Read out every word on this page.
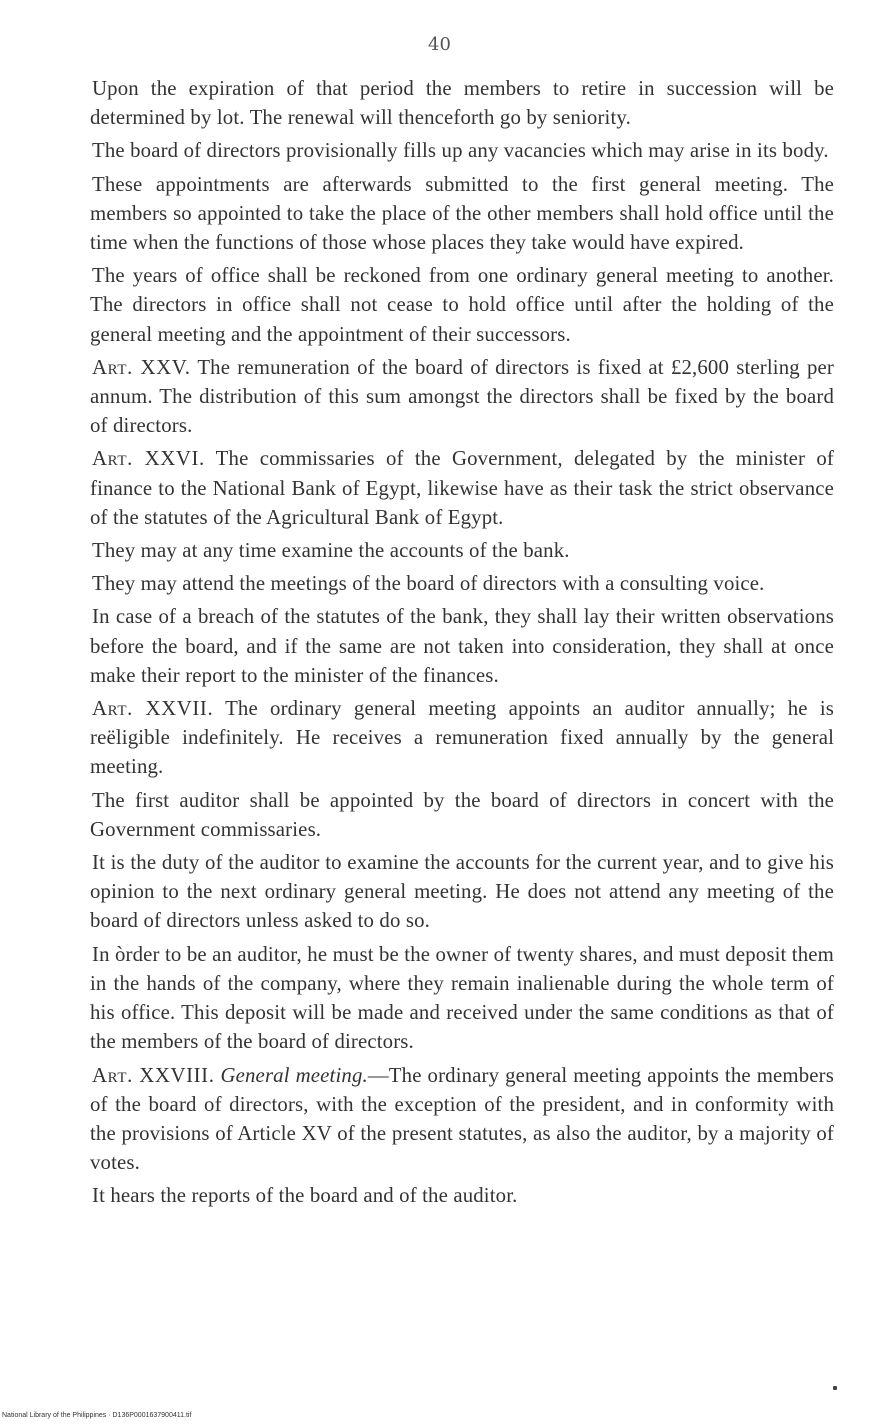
40

Upon the expiration of that period the members to retire in succession will be determined by lot. The renewal will thenceforth go by seniority.

The board of directors provisionally fills up any vacancies which may arise in its body.

These appointments are afterwards submitted to the first general meeting. The members so appointed to take the place of the other members shall hold office until the time when the functions of those whose places they take would have expired.

The years of office shall be reckoned from one ordinary general meeting to another. The directors in office shall not cease to hold office until after the holding of the general meeting and the appointment of their successors.

Art. XXV. The remuneration of the board of directors is fixed at £2,600 sterling per annum. The distribution of this sum amongst the directors shall be fixed by the board of directors.

Art. XXVI. The commissaries of the Government, delegated by the minister of finance to the National Bank of Egypt, likewise have as their task the strict observance of the statutes of the Agricultural Bank of Egypt.

They may at any time examine the accounts of the bank.

They may attend the meetings of the board of directors with a consulting voice.

In case of a breach of the statutes of the bank, they shall lay their written observations before the board, and if the same are not taken into consideration, they shall at once make their report to the minister of the finances.

Art. XXVII. The ordinary general meeting appoints an auditor annually; he is reëligible indefinitely. He receives a remuneration fixed annually by the general meeting.

The first auditor shall be appointed by the board of directors in concert with the Government commissaries.

It is the duty of the auditor to examine the accounts for the current year, and to give his opinion to the next ordinary general meeting. He does not attend any meeting of the board of directors unless asked to do so.

In òrder to be an auditor, he must be the owner of twenty shares, and must deposit them in the hands of the company, where they remain inalienable during the whole term of his office. This deposit will be made and received under the same conditions as that of the members of the board of directors.

Art. XXVIII. General meeting.—The ordinary general meeting appoints the members of the board of directors, with the exception of the president, and in conformity with the provisions of Article XV of the present statutes, as also the auditor, by a majority of votes.

It hears the reports of the board and of the auditor.

National Library of the Philippines · D136P0001637900411.tif
